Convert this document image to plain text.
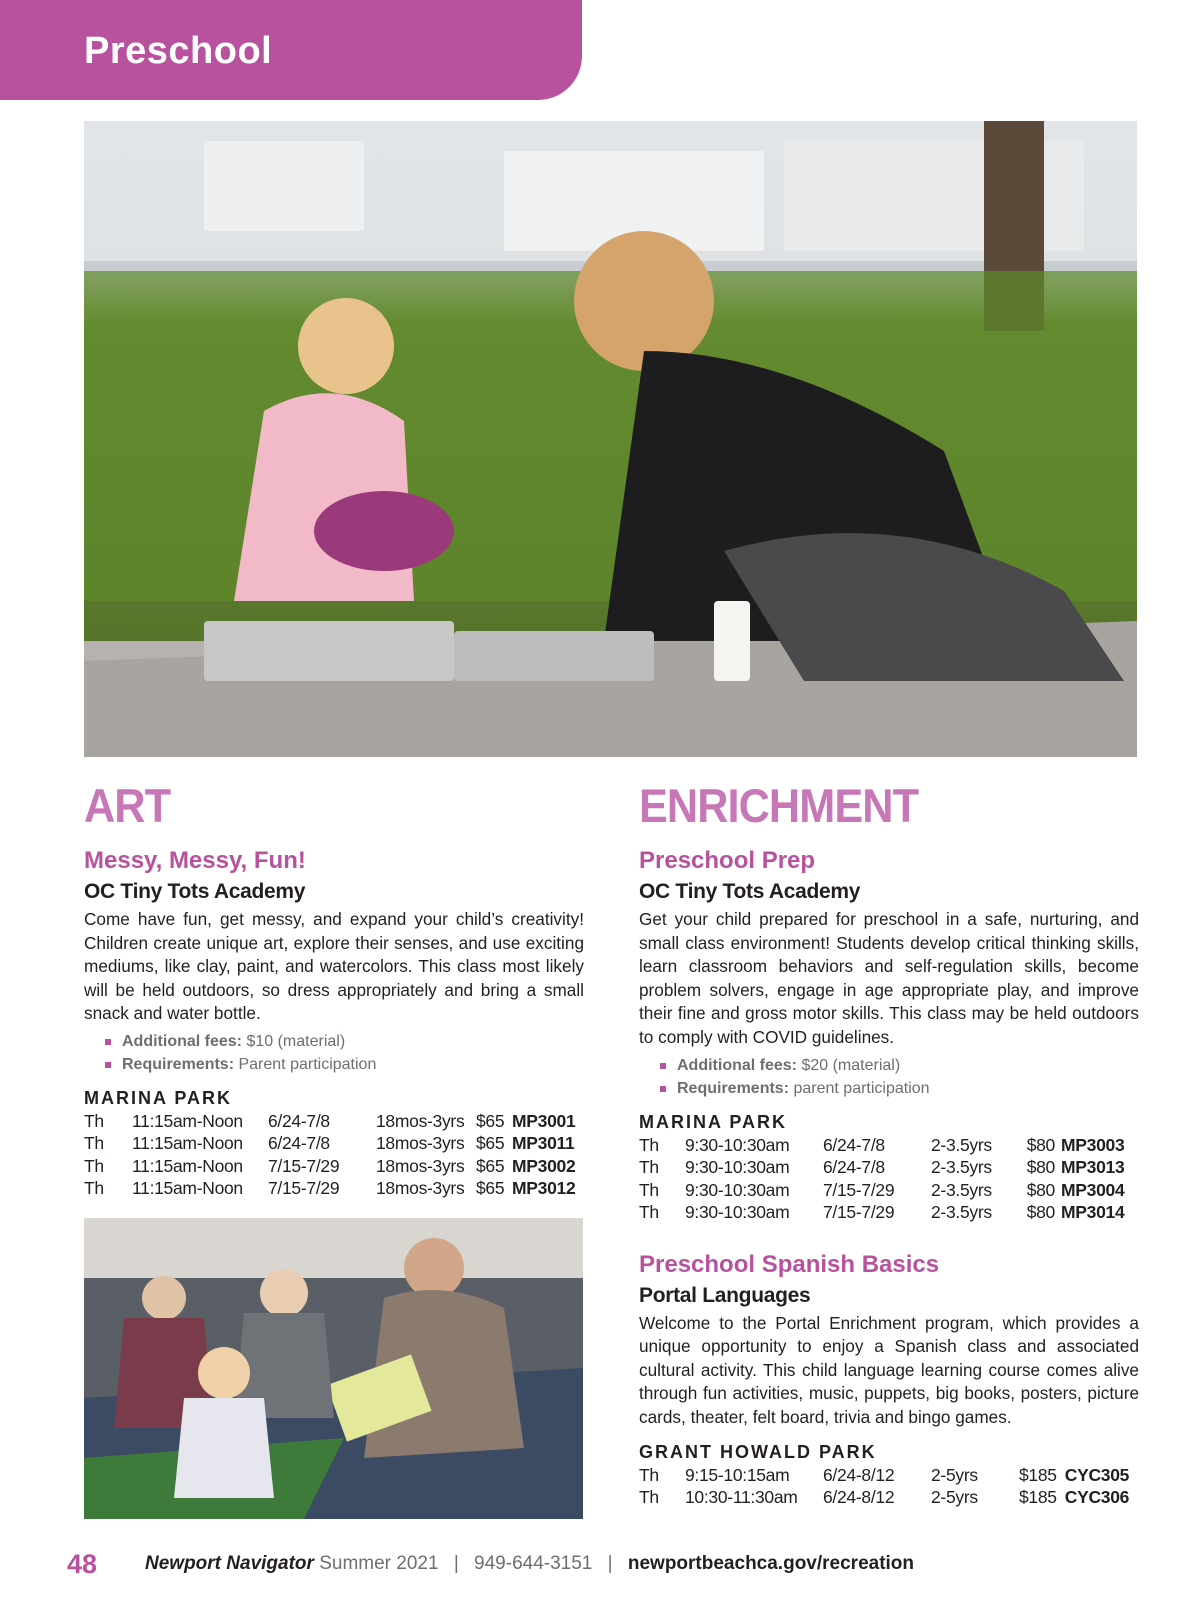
Preschool
ART
Messy, Messy, Fun!
OC Tiny Tots Academy

Come have fun, get messy, and expand your child’s creativity! Children create unique art, explore their senses, and use exciting mediums, like clay, paint, and watercolors. This class most likely will be held outdoors, so dress appropriately and bring a small snack and water bottle.

Additional fees: $10 (material)
Requirements: Parent participation
MARINA PARK
Th	11:15am-Noon	6/24-7/8	18mos-3yrs	$65	MP3001
Th	11:15am-Noon	6/24-7/8	18mos-3yrs	$65	MP3011
Th	11:15am-Noon	7/15-7/29	18mos-3yrs	$65	MP3002
Th	11:15am-Noon	7/15-7/29	18mos-3yrs	$65	MP3012
ENRICHMENT
Preschool Prep
OC Tiny Tots Academy

Get your child prepared for preschool in a safe, nurturing, and small class environment! Students develop critical thinking skills, learn classroom behaviors and self-regulation skills, become problem solvers, engage in age appropriate play, and improve their fine and gross motor skills. This class may be held outdoors to comply with COVID guidelines.

Additional fees: $20 (material)
Requirements: parent participation
MARINA PARK
Th	9:30-10:30am	6/24-7/8	2-3.5yrs	$80	MP3003
Th	9:30-10:30am	6/24-7/8	2-3.5yrs	$80	MP3013
Th	9:30-10:30am	7/15-7/29	2-3.5yrs	$80	MP3004
Th	9:30-10:30am	7/15-7/29	2-3.5yrs	$80	MP3014
Preschool Spanish Basics
Portal Languages

Welcome to the Portal Enrichment program, which provides a unique opportunity to enjoy a Spanish class and associated cultural activity. This child language learning course comes alive through fun activities, music, puppets, big books, posters, picture cards, theater, felt board, trivia and bingo games.

GRANT HOWALD PARK
Th	9:15-10:15am	6/24-8/12	2-5yrs	$185	CYC305
Th	10:30-11:30am	6/24-8/12	2-5yrs	$185	CYC306
48	Newport Navigator Summer 2021 | 949-644-3151 | newportbeachca.gov/recreation
